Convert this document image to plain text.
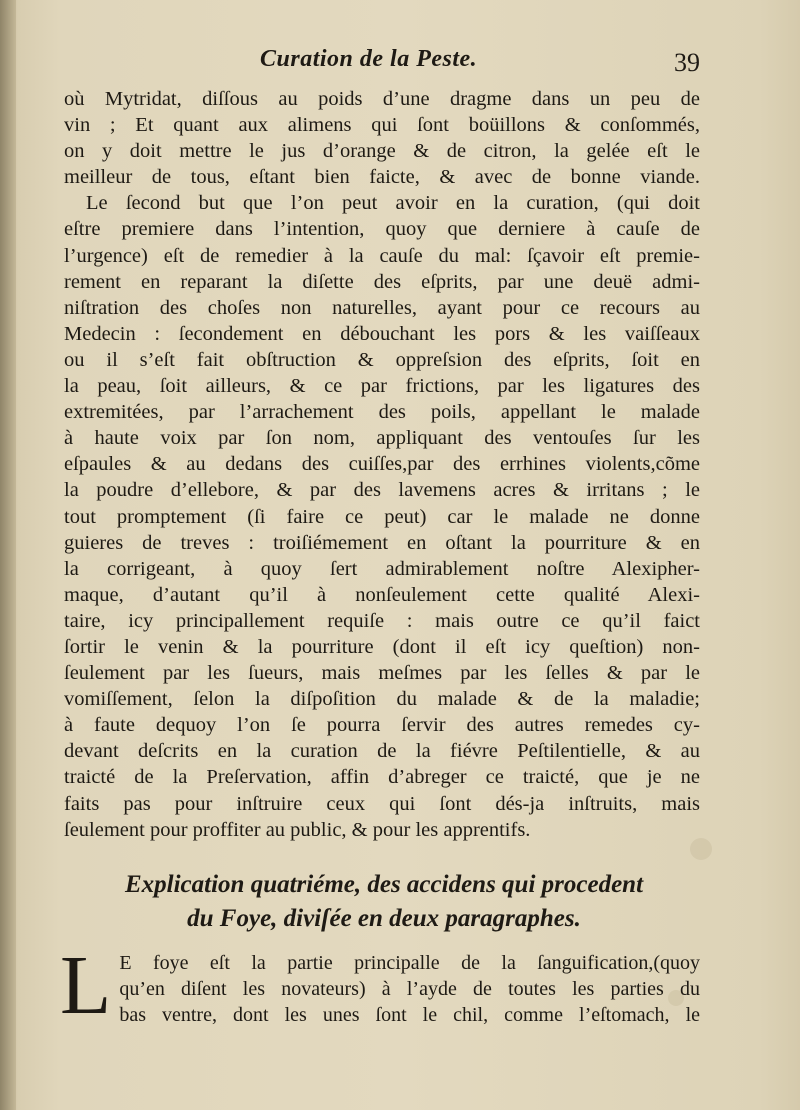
Curation de la Peste.	39
où Mytridat, diſſous au poids d’une dragme dans un peu de
vin ; Et quant aux alimens qui ſont boüillons & conſommés,
on y doit mettre le jus d’orange & de citron, la gelée eſt le
meilleur de tous, eſtant bien faicte, & avec de bonne viande.
Le ſecond but que l’on peut avoir en la curation, (qui doit
eſtre premiere dans l’intention, quoy que derniere à cauſe de
l’urgence) eſt de remedier à la cauſe du mal: ſçavoir eſt premie-
rement en reparant la diſette des eſprits, par une deuë admi-
niſtration des choſes non naturelles, ayant pour ce recours au
Medecin : ſecondement en débouchant les pors & les vaiſſeaux
ou il s’eſt fait obſtruction & oppreſsion des eſprits, ſoit en
la peau, ſoit ailleurs, & ce par frictions, par les ligatures des
extremitées, par l’arrachement des poils, appellant le malade
à haute voix par ſon nom, appliquant des ventouſes ſur les
eſpaules & au dedans des cuiſſes,par des errhines violents,cõme
la poudre d’ellebore, & par des lavemens acres & irritans ; le
tout promptement (ſi faire ce peut) car le malade ne donne
guieres de treves : troiſiémement en oſtant la pourriture & en
la corrigeant, à quoy ſert admirablement noſtre Alexipher-
maque, d’autant qu’il à nonſeulement cette qualité Alexi-
taire, icy principallement requiſe : mais outre ce qu’il faict
ſortir le venin & la pourriture (dont il eſt icy queſtion) non-
ſeulement par les ſueurs, mais meſmes par les ſelles & par le
vomiſſement, ſelon la diſpoſition du malade & de la maladie;
à faute dequoy l’on ſe pourra ſervir des autres remedes cy-
devant deſcrits en la curation de la fiévre Peſtilentielle, & au
traicté de la Preſervation, affin d’abreger ce traicté, que je ne
faits pas pour inſtruire ceux qui ſont dés-ja inſtruits, mais
ſeulement pour proffiter au public, & pour les apprentifs.
Explication quatriéme, des accidens qui procedent
du Foye, diviſée en deux paragraphes.
L E foye eſt la partie principalle de la ſanguification,(quoy
qu’en diſent les novateurs) à l’ayde de toutes les parties du
bas ventre, dont les unes ſont le chil, comme l’eſtomach, le
